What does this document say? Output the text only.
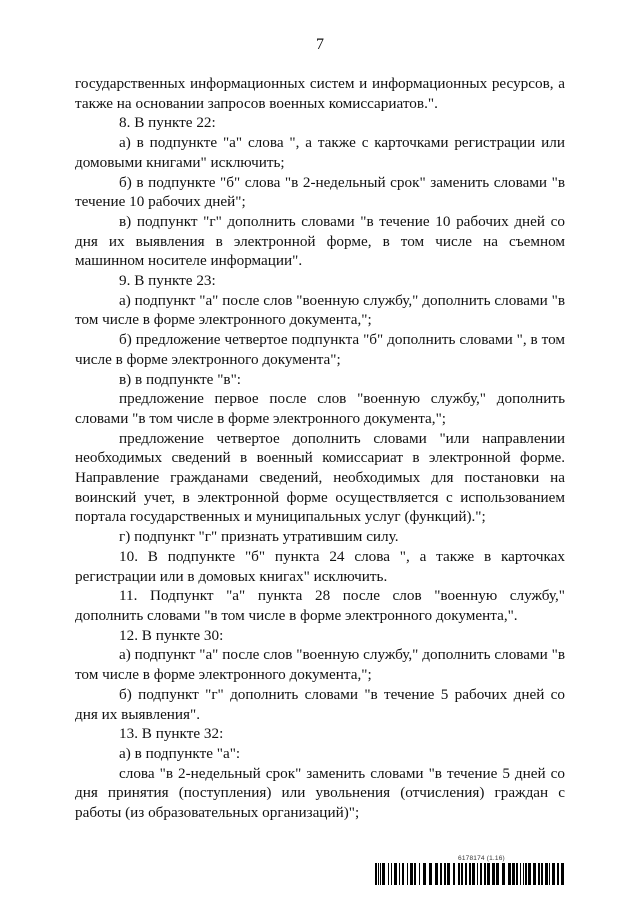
7

государственных информационных систем и информационных ресурсов, а также на основании запросов военных комиссариатов.".

8. В пункте 22:

а) в подпункте "а" слова ", а также с карточками регистрации или домовыми книгами" исключить;

б) в подпункте "б" слова "в 2-недельный срок" заменить словами "в течение 10 рабочих дней";

в) подпункт "г" дополнить словами "в течение 10 рабочих дней со дня их выявления в электронной форме, в том числе на съемном машинном носителе информации".

9. В пункте 23:

а) подпункт "а" после слов "военную службу," дополнить словами "в том числе в форме электронного документа,";

б) предложение четвертое подпункта "б" дополнить словами ", в том числе в форме электронного документа";

в) в подпункте "в":

предложение первое после слов "военную службу," дополнить словами "в том числе в форме электронного документа,";

предложение четвертое дополнить словами "или направлении необходимых сведений в военный комиссариат в электронной форме. Направление гражданами сведений, необходимых для постановки на воинский учет, в электронной форме осуществляется с использованием портала государственных и муниципальных услуг (функций).";

г) подпункт "г" признать утратившим силу.

10. В подпункте "б" пункта 24 слова ", а также в карточках регистрации или в домовых книгах" исключить.

11. Подпункт "а" пункта 28 после слов "военную службу," дополнить словами "в том числе в форме электронного документа,".

12. В пункте 30:

а) подпункт "а" после слов "военную службу," дополнить словами "в том числе в форме электронного документа,";

б) подпункт "г" дополнить словами "в течение 5 рабочих дней со дня их выявления".

13. В пункте 32:

а) в подпункте "а":

слова "в 2-недельный срок" заменить словами "в течение 5 дней со дня принятия (поступления) или увольнения (отчисления) граждан с работы (из образовательных организаций)";

6178174 (1.16)
